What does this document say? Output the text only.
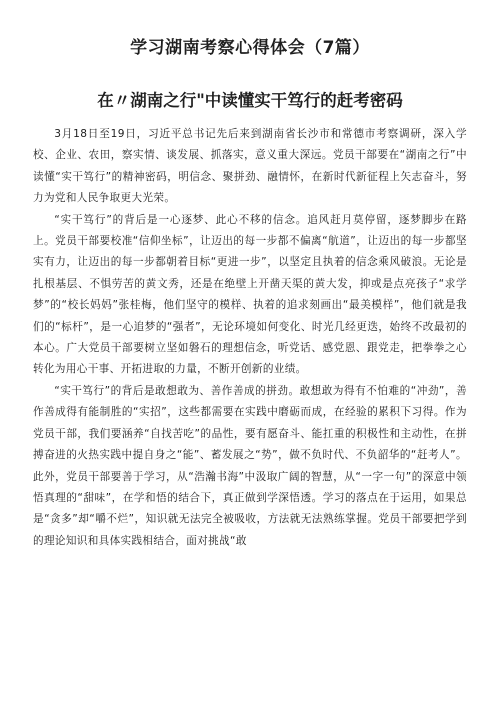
学习湖南考察心得体会（7篇）
在〃湖南之行"中读懂实干笃行的赶考密码

3月18日至19日，习近平总书记先后来到湖南省长沙市和常德市考察调研，深入学校、企业、农田，察实情、谈发展、抓落实，意义重大深远。党员干部要在“湖南之行”中读懂“实干笃行”的精神密码，明信念、聚拼劲、融情怀，在新时代新征程上矢志奋斗，努力为党和人民争取更大光荣。

“实干笃行”的背后是一心逐梦、此心不移的信念。追风赶月莫停留，逐梦脚步在路上。党员干部要校准“信仰坐标”，让迈出的每一步都不偏离“航道”，让迈出的每一步都坚实有力，让迈出的每一步都朝着目标“更进一步”，以坚定且执着的信念乘风破浪。无论是扎根基层、不惧劳苦的黄文秀，还是在绝壁上开凿天渠的黄大发，抑或是点亮孩子“求学梦”的“校长妈妈”张桂梅，他们坚守的模样、执着的追求刻画出“最美模样”，他们就是我们的“标杆”，是一心追梦的“强者”，无论环境如何变化、时光几经更迭，始终不改最初的本心。广大党员干部要树立坚如磐石的理想信念，听党话、感党恩、跟党走，把拳拳之心转化为用心干事、开拓进取的力量，不断开创新的业绩。

“实干笃行”的背后是敢想敢为、善作善成的拼劲。敢想敢为得有不怕难的“冲劲”，善作善成得有能制胜的“实招”，这些都需要在实践中磨砺而成，在经验的累积下习得。作为党员干部，我们要涵养“自找苦吃”的品性，要有愿奋斗、能扛重的积极性和主动性，在拼搏奋进的火热实践中提自身之“能”、蓄发展之“势”，做不负时代、不负韶华的“赶考人”。此外，党员干部要善于学习，从“浩瀚书海”中汲取广阔的智慧，从“一字一句”的深意中领悟真理的“甜味”，在学和悟的结合下，真正做到学深悟透。学习的落点在于运用，如果总是“贪多”却“嚼不烂”，知识就无法完全被吸收，方法就无法熟练掌握。党员干部要把学到的理论知识和具体实践相结合，面对挑战“敢
